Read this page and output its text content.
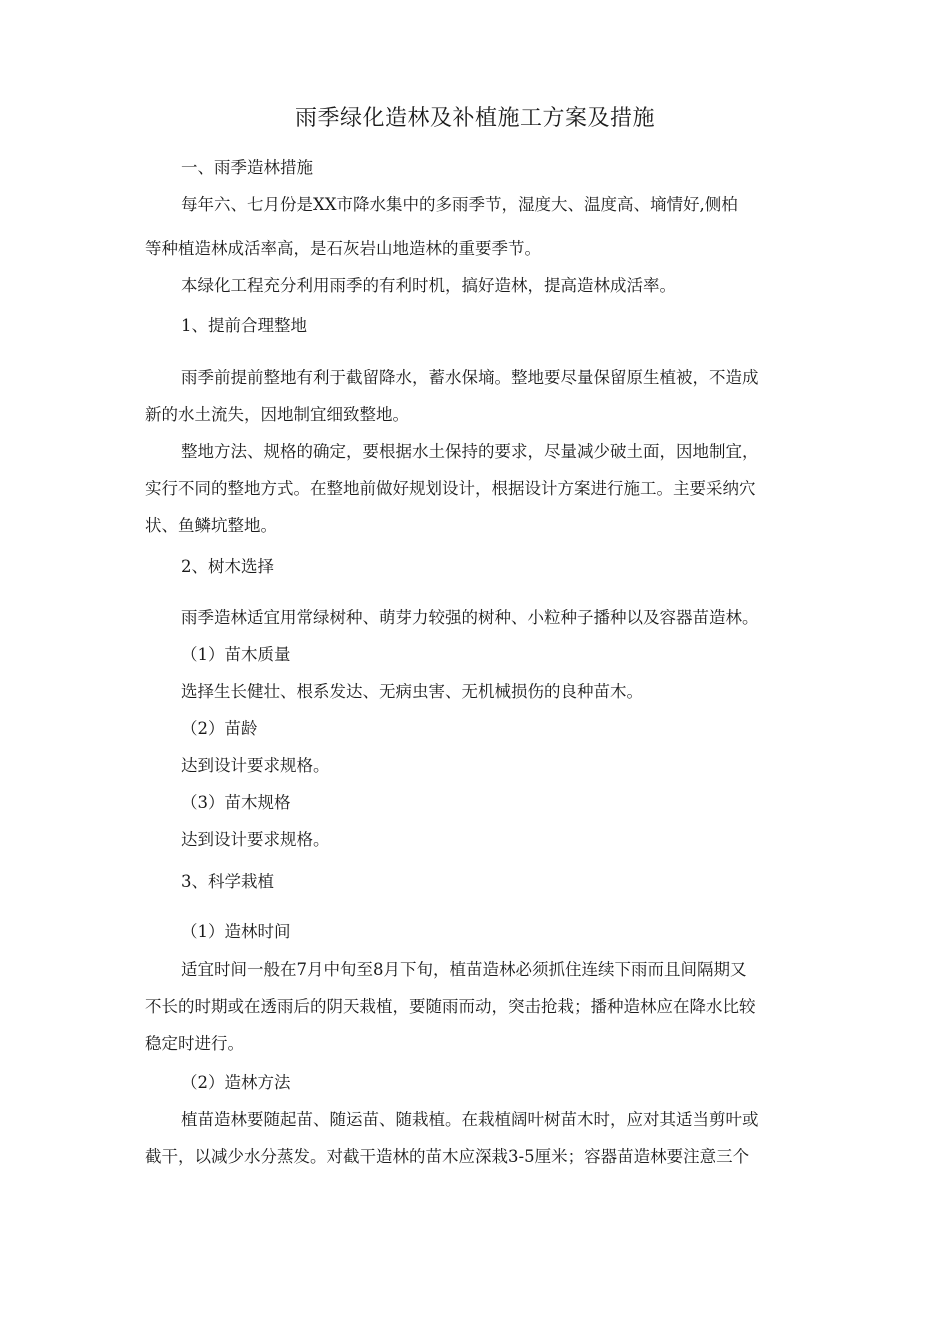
雨季绿化造林及补植施工方案及措施
一、雨季造林措施
每年六、七月份是XX市降水集中的多雨季节，湿度大、温度高、墒情好,侧柏
等种植造林成活率高，是石灰岩山地造林的重要季节。
本绿化工程充分利用雨季的有利时机，搞好造林，提高造林成活率。
1、提前合理整地
雨季前提前整地有利于截留降水，蓄水保墒。整地要尽量保留原生植被，不造成
新的水土流失，因地制宜细致整地。
整地方法、规格的确定，要根据水土保持的要求，尽量减少破土面，因地制宜，
实行不同的整地方式。在整地前做好规划设计，根据设计方案进行施工。主要采纳穴
状、鱼鳞坑整地。
2、树木选择
雨季造林适宜用常绿树种、萌芽力较强的树种、小粒种子播种以及容器苗造林。
（1）苗木质量
选择生长健壮、根系发达、无病虫害、无机械损伤的良种苗木。
（2）苗龄
达到设计要求规格。
（3）苗木规格
达到设计要求规格。
3、科学栽植
（1）造林时间
适宜时间一般在7月中旬至8月下旬，植苗造林必须抓住连续下雨而且间隔期又
不长的时期或在透雨后的阴天栽植，要随雨而动，突击抢栽；播种造林应在降水比较
稳定时进行。
（2）造林方法
植苗造林要随起苗、随运苗、随栽植。在栽植阔叶树苗木时，应对其适当剪叶或
截干，以减少水分蒸发。对截干造林的苗木应深栽3-5厘米；容器苗造林要注意三个
